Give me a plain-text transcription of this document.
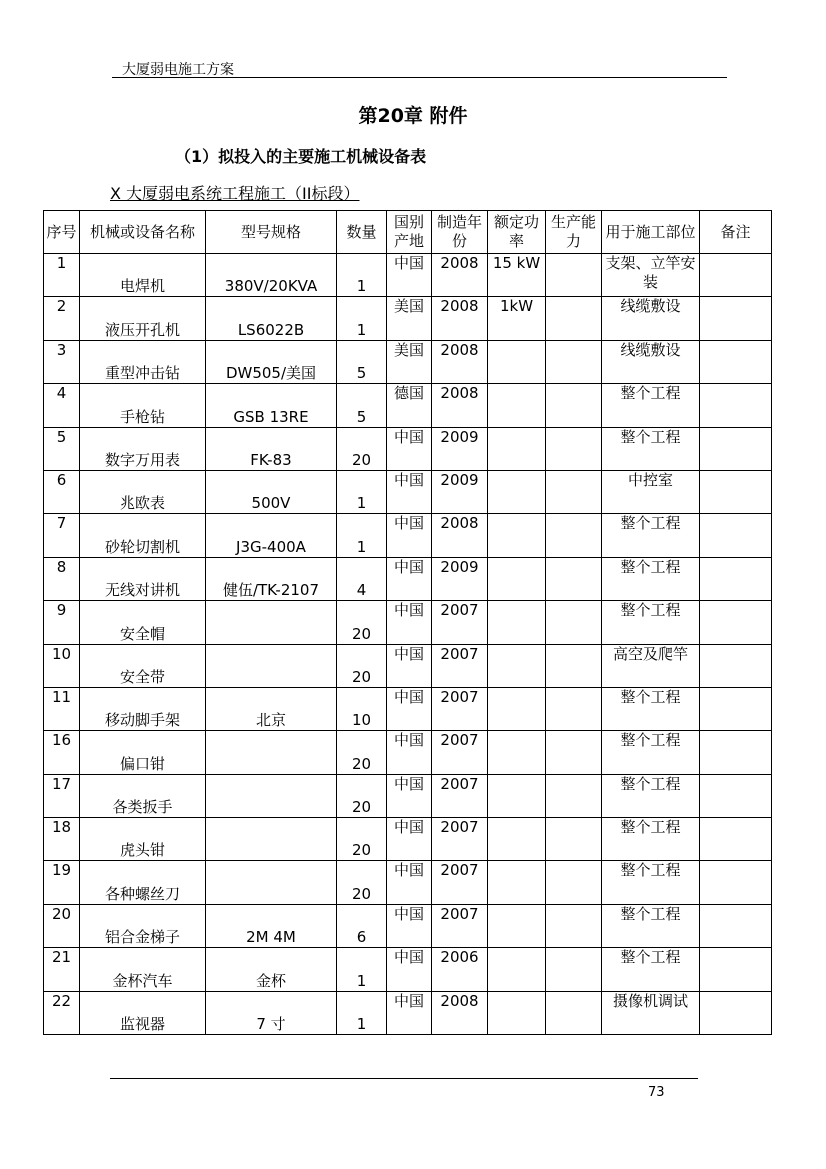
大厦弱电施工方案
第20章 附件
（1）拟投入的主要施工机械设备表
X 大厦弱电系统工程施工（II标段）
序号	机械或设备名称	型号规格	数量	国别产地	制造年份	额定功率	生产能力	用于施工部位	备注
1	电焊机	380V/20KVA	1	中国	2008	15 kW		支架、立竿安装	
2	液压开孔机	LS6022B	1	美国	2008	1kW		线缆敷设	
3	重型冲击钻	DW505/美国	5	美国	2008			线缆敷设	
4	手枪钻	GSB 13RE	5	德国	2008			整个工程	
5	数字万用表	FK-83	20	中国	2009			整个工程	
6	兆欧表	500V	1	中国	2009			中控室	
7	砂轮切割机	J3G-400A	1	中国	2008			整个工程	
8	无线对讲机	健伍/TK-2107	4	中国	2009			整个工程	
9	安全帽		20	中国	2007			整个工程	
10	安全带		20	中国	2007			高空及爬竿	
11	移动脚手架	北京	10	中国	2007			整个工程	
16	偏口钳		20	中国	2007			整个工程	
17	各类扳手		20	中国	2007			整个工程	
18	虎头钳		20	中国	2007			整个工程	
19	各种螺丝刀		20	中国	2007			整个工程	
20	铝合金梯子	2M 4M	6	中国	2007			整个工程	
21	金杯汽车	金杯	1	中国	2006			整个工程	
22	监视器	7 寸	1	中国	2008			摄像机调试	
73
